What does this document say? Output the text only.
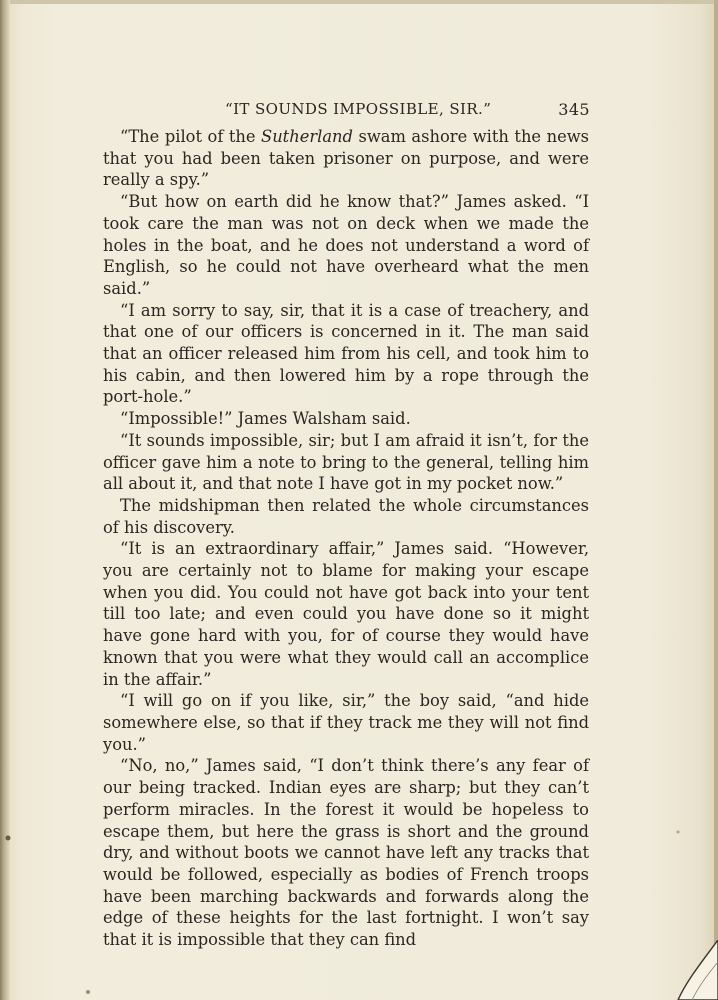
“IT SOUNDS IMPOSSIBLE, SIR.”	345

“The pilot of the Sutherland swam ashore with the news that you had been taken prisoner on purpose, and were really a spy.”

“But how on earth did he know that?” James asked. “I took care the man was not on deck when we made the holes in the boat, and he does not understand a word of English, so he could not have overheard what the men said.”

“I am sorry to say, sir, that it is a case of treachery, and that one of our officers is concerned in it. The man said that an officer released him from his cell, and took him to his cabin, and then lowered him by a rope through the port-hole.”

“Impossible!” James Walsham said.

“It sounds impossible, sir; but I am afraid it isn’t, for the officer gave him a note to bring to the general, telling him all about it, and that note I have got in my pocket now.”

The midshipman then related the whole circumstances of his discovery.

“It is an extraordinary affair,” James said. “However, you are certainly not to blame for making your escape when you did. You could not have got back into your tent till too late; and even could you have done so it might have gone hard with you, for of course they would have known that you were what they would call an accomplice in the affair.”

“I will go on if you like, sir,” the boy said, “and hide somewhere else, so that if they track me they will not find you.”

“No, no,” James said, “I don’t think there’s any fear of our being tracked. Indian eyes are sharp; but they can’t perform miracles. In the forest it would be hopeless to escape them, but here the grass is short and the ground dry, and without boots we cannot have left any tracks that would be followed, especially as bodies of French troops have been marching backwards and forwards along the edge of these heights for the last fortnight. I won’t say that it is impossible that they can find
